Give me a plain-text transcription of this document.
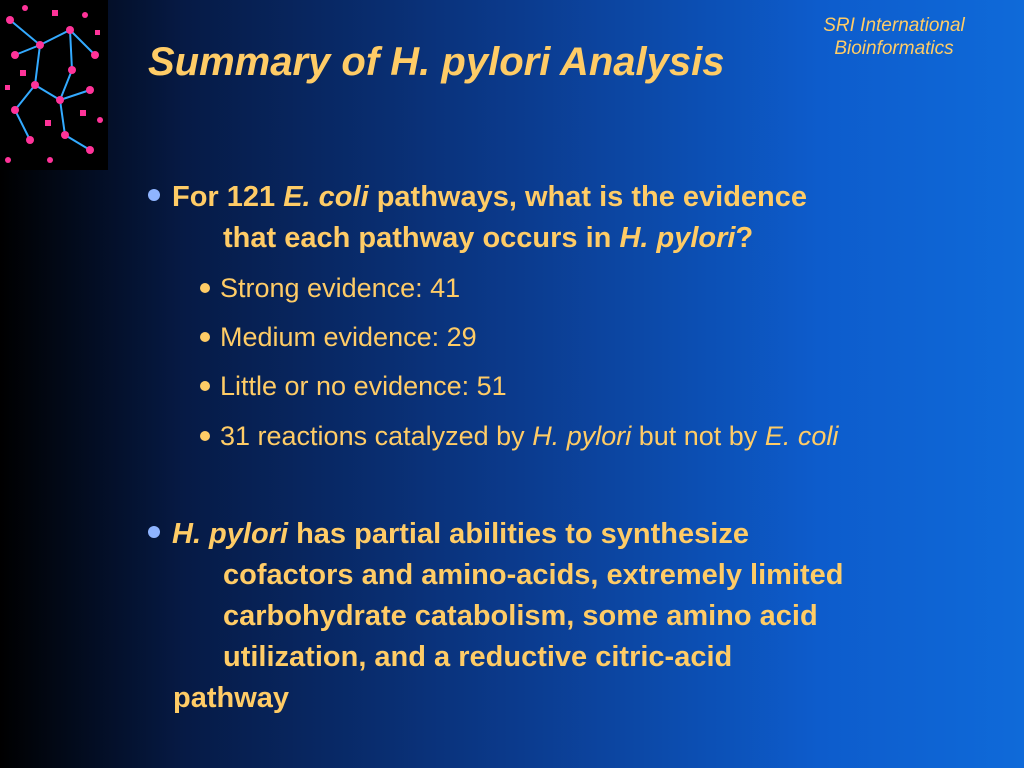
SRI International
Bioinformatics
Summary of H. pylori Analysis
For 121 E. coli pathways, what is the evidence
that each pathway occurs in H. pylori?
Strong evidence: 41
Medium evidence: 29
Little or no evidence: 51
31 reactions catalyzed by H. pylori but not by E. coli
H. pylori has partial abilities to synthesize
cofactors and amino-acids, extremely limited
carbohydrate catabolism, some amino acid
utilization, and a reductive citric-acid
pathway
